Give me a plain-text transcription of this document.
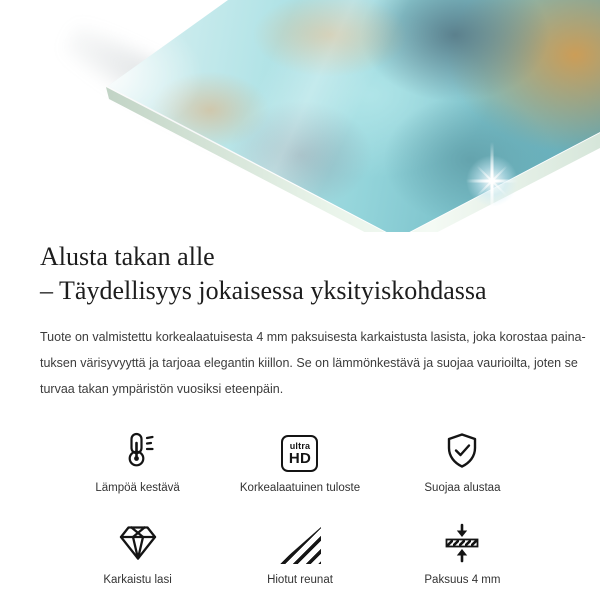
Alusta takan alle
– Täydellisyys jokaisessa yksityiskohdassa

Tuote on valmistettu korkealaatuisesta 4 mm paksuisesta karkaistusta lasista, joka korostaa paina-
tuksen värisyvyyttä ja tarjoaa elegantin kiillon. Se on lämmönkestävä ja suojaa vaurioilta, joten se
turvaa takan ympäristön vuosiksi eteenpäin.

Lämpöä kestävä
ultra
HD
Korkealaatuinen tuloste	Suojaa alustaa
Karkaistu lasi	Hiotut reunat	Paksuus 4 mm
